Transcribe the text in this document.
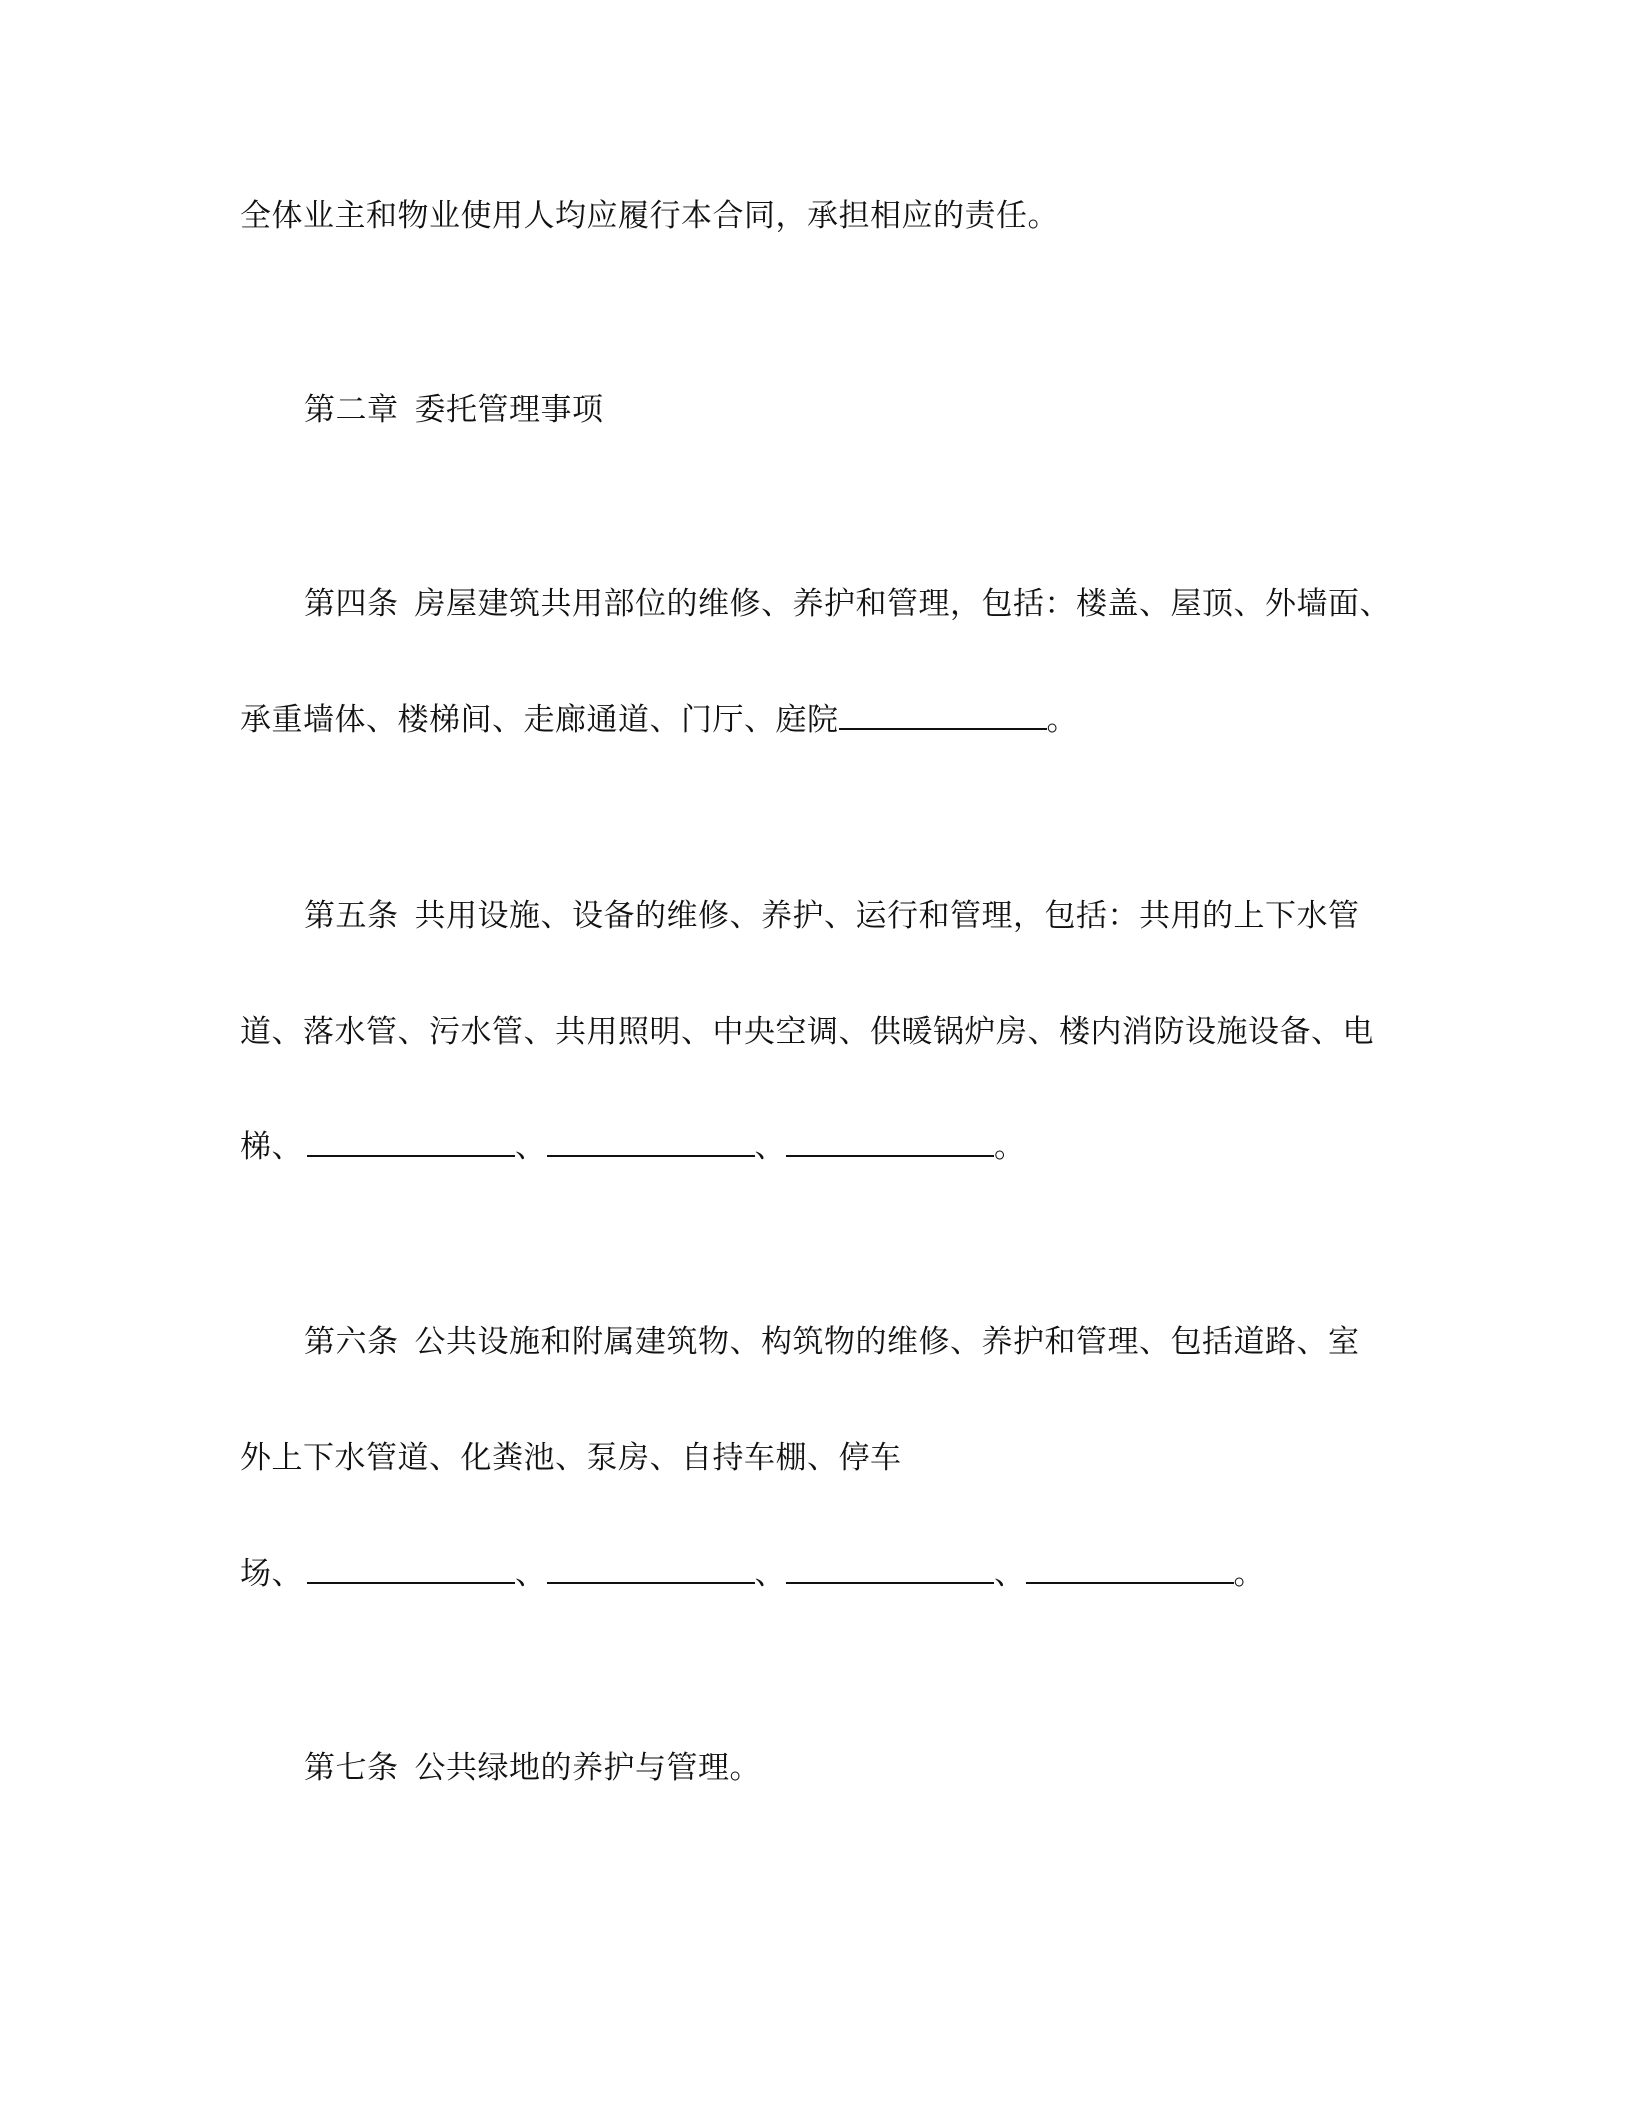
全体业主和物业使用人均应履行本合同，承担相应的责任。
第二章 委托管理事项
第四条 房屋建筑共用部位的维修、养护和管理，包括：楼盖、屋顶、外墙面、
承重墙体、楼梯间、走廊通道、门厅、庭院	。
第五条 共用设施、设备的维修、养护、运行和管理，包括：共用的上下水管
道、落水管、污水管、共用照明、中央空调、供暖锅炉房、楼内消防设施设备、电
梯、	、	、	。
第六条 公共设施和附属建筑物、构筑物的维修、养护和管理、包括道路、室
外上下水管道、化粪池、泵房、自持车棚、停车
场、	、	、	、	。
第七条 公共绿地的养护与管理。
